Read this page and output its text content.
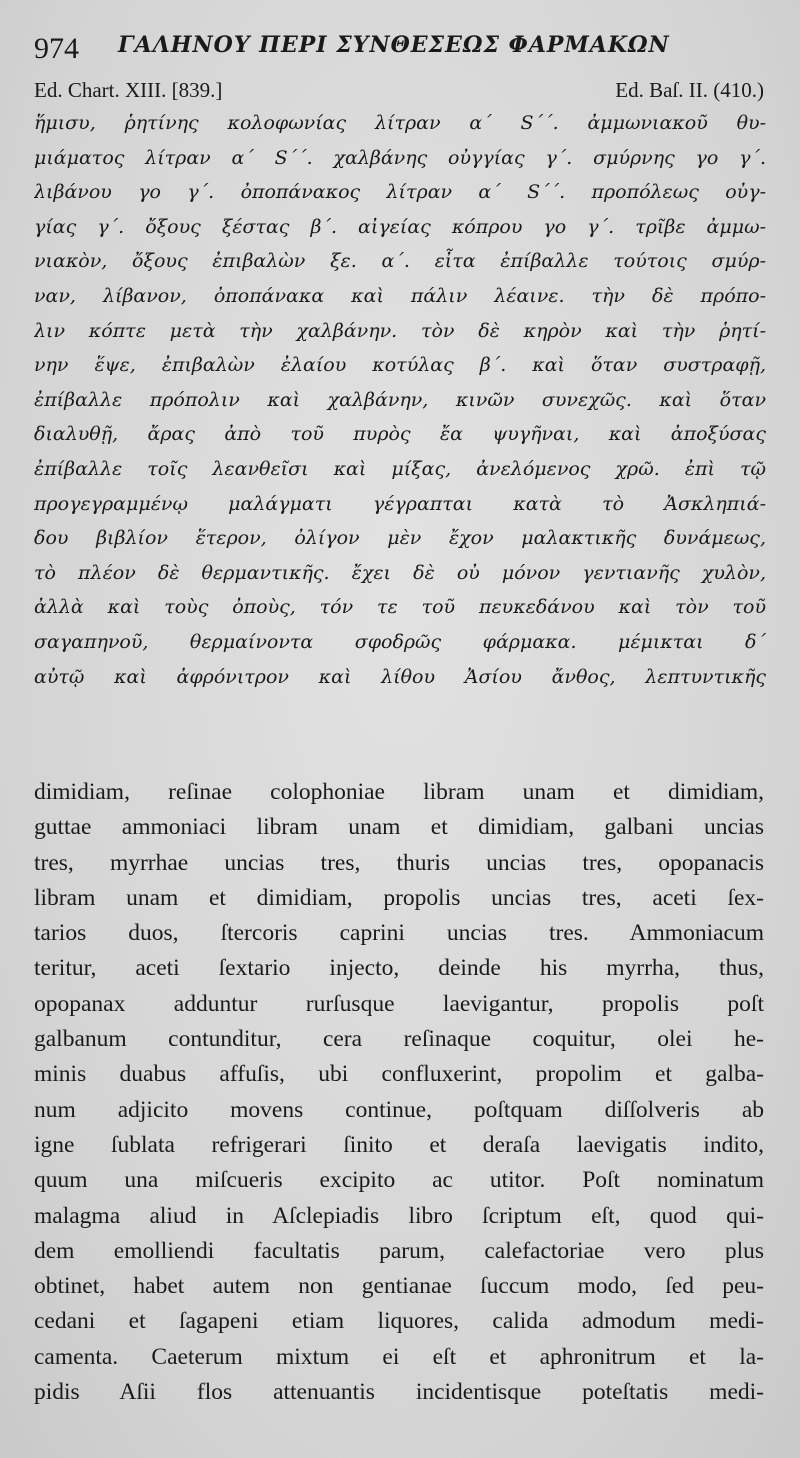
974 ΓΑΛΗΝΟΥ ΠΕΡΙ ΣΥΝΘΕΣΕΩΣ ΦΑΡΜΑΚΩΝ
Ed. Chart. XIII. [839.]	Ed. Baſ. II. (410.)
ἥμισυ, ῥητίνης κολοφωνίας λίτραν α΄ S΄΄. ἀμμωνιακοῦ θυ-
μιάματος λίτραν α΄ S΄΄. χαλβάνης οὐγγίας γ΄. σμύρνης γο γ΄.
λιβάνου γο γ΄. ὀποπάνακος λίτραν α΄ S΄΄. προπόλεως οὐγ-
γίας γ΄. ὄξους ξέστας β΄. αἰγείας κόπρου γο γ΄. τρῖβε ἀμμω-
νιακὸν, ὄξους ἐπιβαλὼν ξε. α΄. εἶτα ἐπίβαλλε τούτοις σμύρ-
ναν, λίβανον, ὀποπάνακα καὶ πάλιν λέαινε. τὴν δὲ πρόπο-
λιν κόπτε μετὰ τὴν χαλβάνην. τὸν δὲ κηρὸν καὶ τὴν ῥητί-
νην ἕψε, ἐπιβαλὼν ἐλαίου κοτύλας β΄. καὶ ὅταν συστραφῇ,
ἐπίβαλλε πρόπολιν καὶ χαλβάνην, κινῶν συνεχῶς. καὶ ὅταν
διαλυθῇ, ἄρας ἀπὸ τοῦ πυρὸς ἔα ψυγῆναι, καὶ ἀποξύσας
ἐπίβαλλε τοῖς λεανθεῖσι καὶ μίξας, ἀνελόμενος χρῶ. ἐπὶ τῷ
προγεγραμμένῳ μαλάγματι γέγραπται κατὰ τὸ Ἀσκληπιά-
δου βιβλίον ἕτερον, ὀλίγον μὲν ἔχον μαλακτικῆς δυνάμεως,
τὸ πλέον δὲ θερμαντικῆς. ἔχει δὲ οὐ μόνον γεντιανῆς χυλὸν,
ἀλλὰ καὶ τοὺς ὀποὺς, τόν τε τοῦ πευκεδάνου καὶ τὸν τοῦ
σαγαπηνοῦ, θερμαίνοντα σφοδρῶς φάρμακα. μέμικται δ΄
αὐτῷ καὶ ἀφρόνιτρον καὶ λίθου Ἀσίου ἄνθος, λεπτυντικῆς
dimidiam, reſinae colophoniae libram unam et dimidiam,
guttae ammoniaci libram unam et dimidiam, galbani uncias
tres, myrrhae uncias tres, thuris uncias tres, opopanacis
libram unam et dimidiam, propolis uncias tres, aceti ſex-
tarios duos, ſtercoris caprini uncias tres. Ammoniacum
teritur, aceti ſextario injecto, deinde his myrrha, thus,
opopanax adduntur rurſusque laevigantur, propolis poſt
galbanum contunditur, cera reſinaque coquitur, olei he-
minis duabus affuſis, ubi confluxerint, propolim et galba-
num adjicito movens continue, poſtquam diſſolveris ab
igne ſublata refrigerari ſinito et deraſa laevigatis indito,
quum una miſcueris excipito ac utitor. Poſt nominatum
malagma aliud in Aſclepiadis libro ſcriptum eſt, quod qui-
dem emolliendi facultatis parum, calefactoriae vero plus
obtinet, habet autem non gentianae ſuccum modo, ſed peu-
cedani et ſagapeni etiam liquores, calida admodum medi-
camenta. Caeterum mixtum ei eſt et aphronitrum et la-
pidis Aſii flos attenuantis incidentisque poteſtatis medi-
